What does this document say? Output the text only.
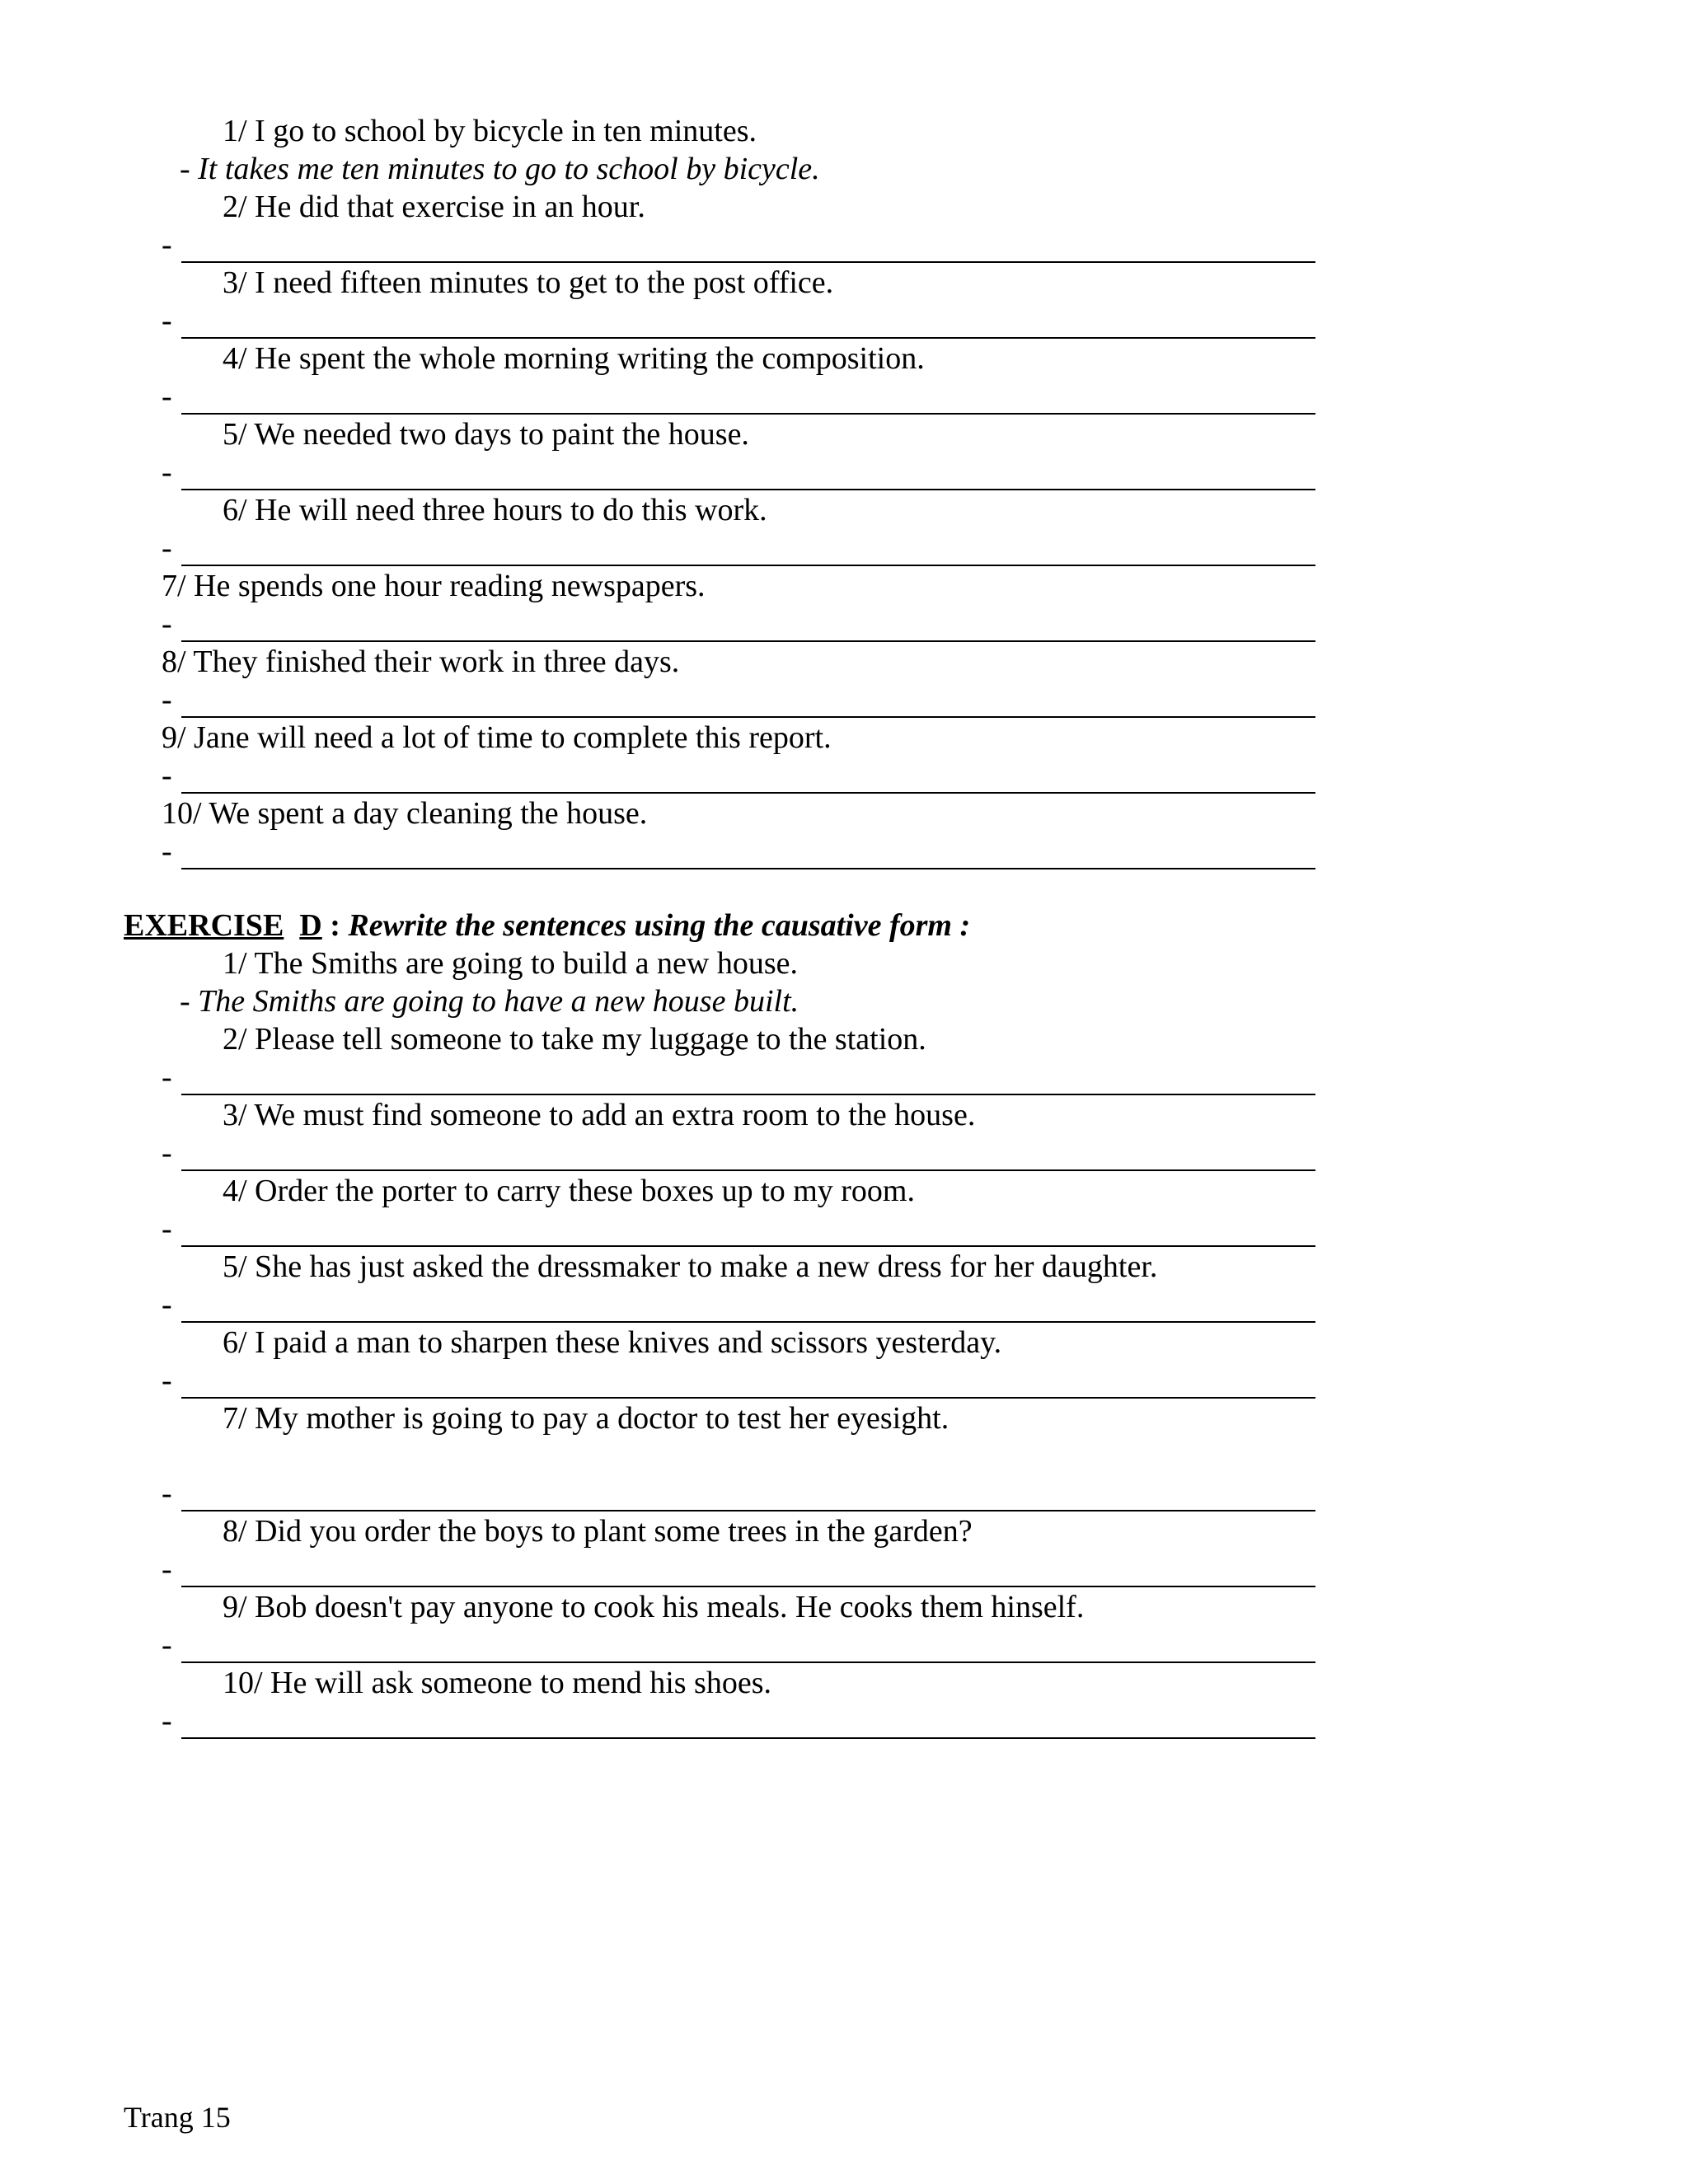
1/ I go to school by bicycle in ten minutes.
- It takes me ten minutes to go to school by bicycle.
2/ He did that exercise in an hour.
-
3/ I need fifteen minutes to get to the post office.
-
4/ He spent the whole morning writing the composition.
-
5/ We needed two days to paint the house.
-
6/ He will need three hours to do this work.
-
7/ He spends one hour reading newspapers.
-
8/ They finished their work in three days.
-
9/ Jane will need a lot of time to complete this report.
-
10/ We spent a day cleaning the house.
-
EXERCISE D : Rewrite the sentences using the causative form :
1/ The Smiths are going to build a new house.
- The Smiths are going to have a new house built.
2/ Please tell someone to take my luggage to the station.
-
3/ We must find someone to add an extra room to the house.
-
4/ Order the porter to carry these boxes up to my room.
-
5/ She has just asked the dressmaker to make a new dress for her daughter.
-
6/ I paid a man to sharpen these knives and scissors yesterday.
-
7/ My mother is going to pay a doctor to test her eyesight.
-
8/ Did you order the boys to plant some trees in the garden?
-
9/ Bob doesn't pay anyone to cook his meals. He cooks them hinself.
-
10/ He will ask someone to mend his shoes.
-
Trang 15
